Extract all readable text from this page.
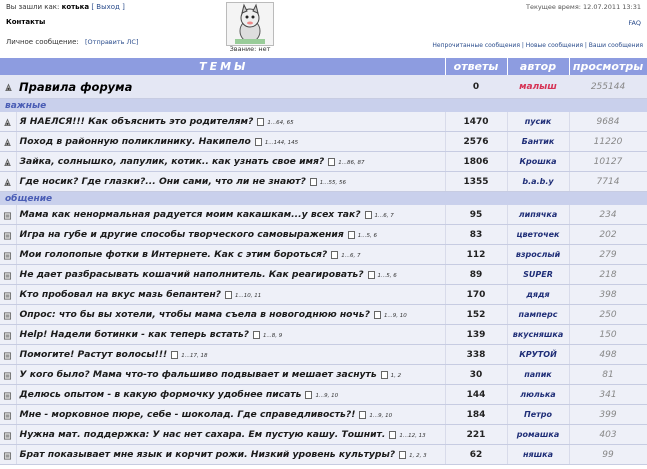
Вы зашли как: котька [ Выход ]	Текущее время: 12.07.2011 13:31
Контакты	FAQ
Личное сообщение: [Отправить ЛС]
Звание: нет	Непрочитанные сообщения | Новые сообщения | Ваши сообщения
ТЕМЫ		ответы	автор	просмотры
	Правила форума	0	малыш	255144
важные				
	Я НАЕЛСЯ!!! Как объяснить это родителям? 1...64, 65	1470	пусик	9684
	Поход в районную поликлинику. Накипело 1...144, 145	2576	Бантик	11220
	Зайка, солнышко, лапулик, котик.. как узнать свое имя? 1...86, 87	1806	Крошка	10127
	Где носик? Где глазки?... Они сами, что ли не знают? 1...55, 56	1355	b.a.b.y	7714
общение				
	Мама как ненормальная радуется моим какашкам...у всех так? 1...6, 7	95	липячка	234
	Игра на губе и другие способы творческого самовыражения 1...5, 6	83	цветочек	202
	Мои голопопые фотки в Интернете. Как с этим бороться? 1...6, 7	112	взрослый	279
	Не дает разбрасывать кошачий наполнитель. Как реагировать? 1...5, 6	89	SUPER	218
	Кто пробовал на вкус мазь бепантен? 1...10, 11	170	дядя	398
	Опрос: что бы вы хотели, чтобы мама съела в новогоднюю ночь? 1...9, 10	152	памперс	250
	Help! Надели ботинки - как теперь встать? 1...8, 9	139	вкусняшка	150
	Помогите! Растут волосы!!! 1...17, 18	338	КРУТОЙ	498
	У кого было? Мама что-то фальшиво подвывает и мешает заснуть 1, 2	30	папик	81
	Делюсь опытом - в какую формочку удобнее писать 1...9, 10	144	люлька	341
	Мне - морковное пюре, себе - шоколад. Где справедливость?! 1...9, 10	184	Петро	399
	Нужна мат. поддержка: У нас нет сахара. Ем пустую кашу. Тошнит. 1...12, 13	221	ромашка	403
	Брат показывает мне язык и корчит рожи. Низкий уровень культуры? 1, 2, 3	62	няшка	99
